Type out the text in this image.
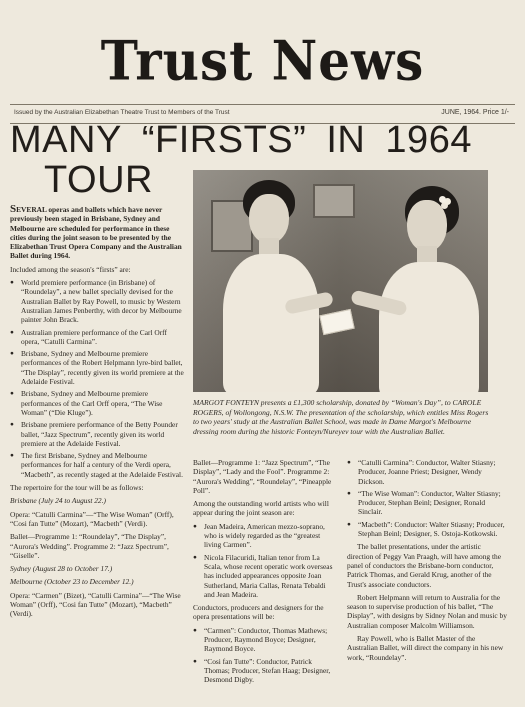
Trust News
Issued by the Australian Elizabethan Theatre Trust to Members of the Trust	JUNE, 1964. Price 1/-
MANY “FIRSTS” IN 1964
TOUR
MARGOT FONTEYN presents a £1,300 scholarship, donated by “Woman's Day”, to CAROLE ROGERS, of Wollongong, N.S.W. The presentation of the scholarship, which entitles Miss Rogers to two years' study at the Australian Ballet School, was made in Dame Margot's Melbourne dressing room during the historic Fonteyn/Nureyev tour with the Australian Ballet.

SEVERAL operas and ballets which have never previously been staged in Brisbane, Sydney and Melbourne are scheduled for performance in these cities during the joint season to be presented by the Elizabethan Trust Opera Company and the Australian Ballet during 1964.

Included among the season's “firsts” are:

● World premiere performance (in Brisbane) of “Roundelay”, a new ballet specially devised for the Australian Ballet by Ray Powell, to music by Western Australian James Penberthy, with decor by Melbourne painter John Brack.
● Australian premiere performance of the Carl Orff opera, “Catulli Carmina”.
● Brisbane, Sydney and Melbourne premiere performances of the Robert Helpmann lyre-bird ballet, “The Display”, recently given its world premiere at the Adelaide Festival.
● Brisbane, Sydney and Melbourne premiere performances of the Carl Orff opera, “The Wise Woman” (“Die Kluge”).
● Brisbane premiere performance of the Betty Pounder ballet, “Jazz Spectrum”, recently given its world premiere at the Adelaide Festival.
● The first Brisbane, Sydney and Melbourne performances for half a century of the Verdi opera, “Macbeth”, as recently staged at the Adelaide Festival.

The repertoire for the tour will be as follows:

Brisbane (July 24 to August 22.)

Opera: “Catulli Carmina”—“The Wise Woman” (Orff), “Cosi fan Tutte” (Mozart), “Macbeth” (Verdi).

Ballet—Programme 1: “Roundelay”, “The Display”, “Aurora's Wedding”. Programme 2: “Jazz Spectrum”, “Giselle”.

Sydney (August 28 to October 17.)

Melbourne (October 23 to December 12.)

Opera: “Carmen” (Bizet), “Catulli Carmina”—“The Wise Woman” (Orff), “Cosi fan Tutte” (Mozart), “Macbeth” (Verdi).

Ballet—Programme 1: “Jazz Spectrum”, “The Display”, “Lady and the Fool”. Programme 2: “Aurora's Wedding”, “Roundelay”, “Pineapple Poll”.

Among the outstanding world artists who will appear during the joint season are:

● Jean Madeira, American mezzo-soprano, who is widely regarded as the “greatest living Carmen”.
● Nicola Filacuridi, Italian tenor from La Scala, whose recent operatic work overseas has included appearances opposite Joan Sutherland, Maria Callas, Renata Tebaldi and Jean Madeira.

Conductors, producers and designers for the opera presentations will be:

● “Carmen”: Conductor, Thomas Mathews; Producer, Raymond Boyce; Designer, Raymond Boyce.
● “Cosi fan Tutte”: Conductor, Patrick Thomas; Producer, Stefan Haag; Designer, Desmond Digby.
● “Catulli Carmina”: Conductor, Walter Stiasny; Producer, Joanne Priest; Designer, Wendy Dickson.
● “The Wise Woman”: Conductor, Walter Stiasny; Producer, Stephan Beinl; Designer, Ronald Sinclair.
● “Macbeth”: Conductor: Walter Stiasny; Producer, Stephan Beinl; Designer, S. Ostoja-Kotkowski.

The ballet presentations, under the artistic direction of Peggy Van Praagh, will have among the panel of conductors the Brisbane-born conductor, Patrick Thomas, and Gerald Krug, another of the Trust's associate conductors.

Robert Helpmann will return to Australia for the season to supervise production of his ballet, “The Display”, with designs by Sidney Nolan and music by Australian composer Malcolm Williamson.

Ray Powell, who is Ballet Master of the Australian Ballet, will direct the company in his new work, “Roundelay”.
